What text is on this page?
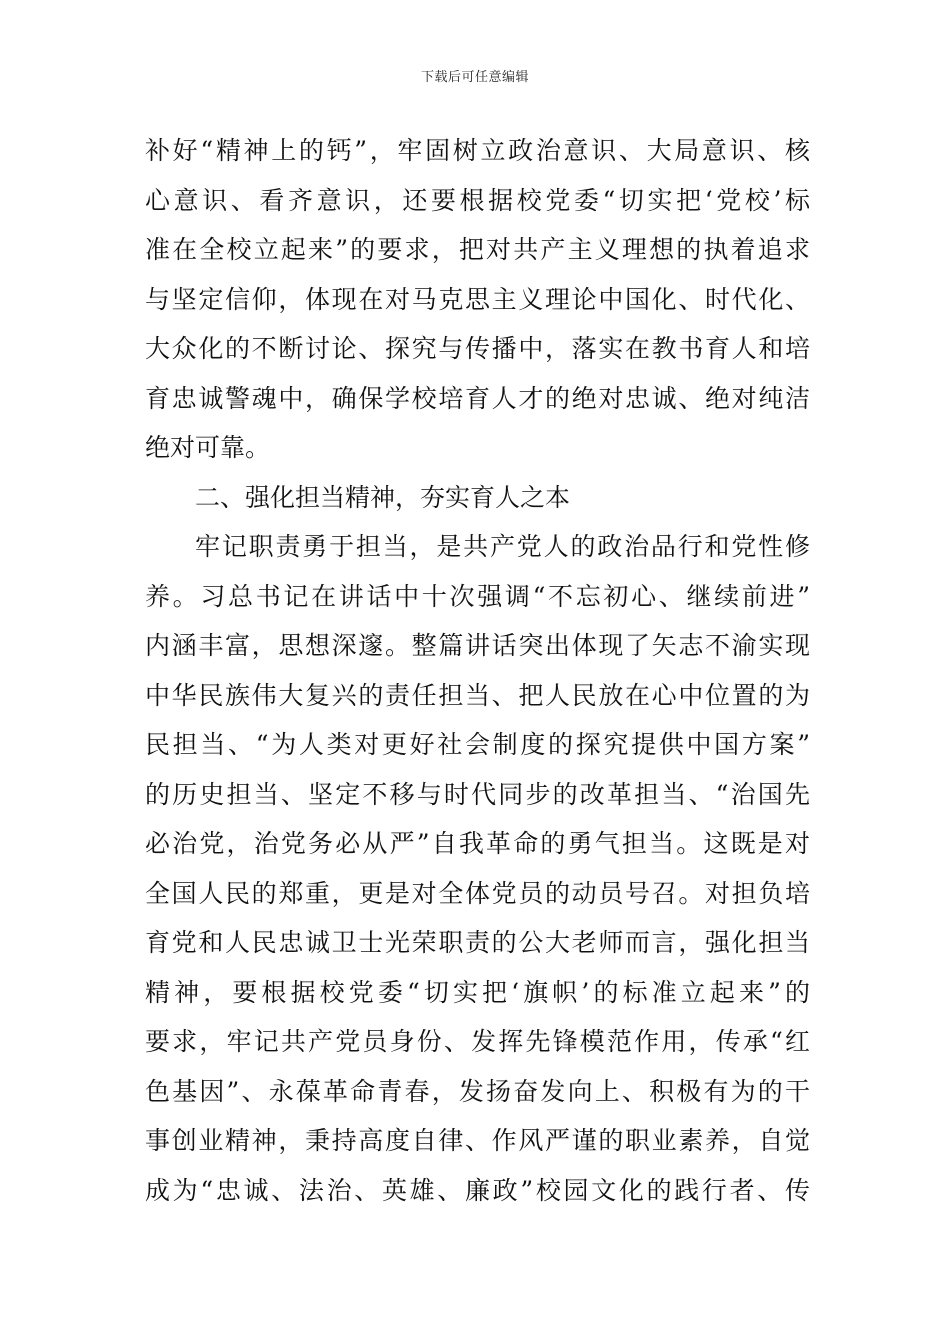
下载后可任意编辑
补好“精神上的钙”，牢固树立政治意识、大局意识、核
心意识、看齐意识，还要根据校党委“切实把‘党校’标
准在全校立起来”的要求，把对共产主义理想的执着追求
与坚定信仰，体现在对马克思主义理论中国化、时代化、
大众化的不断讨论、探究与传播中，落实在教书育人和培
育忠诚警魂中，确保学校培育人才的绝对忠诚、绝对纯洁
绝对可靠。
二、强化担当精神，夯实育人之本
牢记职责勇于担当，是共产党人的政治品行和党性修
养。习总书记在讲话中十次强调“不忘初心、继续前进”
内涵丰富，思想深邃。整篇讲话突出体现了矢志不渝实现
中华民族伟大复兴的责任担当、把人民放在心中位置的为
民担当、“为人类对更好社会制度的探究提供中国方案”
的历史担当、坚定不移与时代同步的改革担当、“治国先
必治党，治党务必从严”自我革命的勇气担当。这既是对
全国人民的郑重，更是对全体党员的动员号召。对担负培
育党和人民忠诚卫士光荣职责的公大老师而言，强化担当
精神，要根据校党委“切实把‘旗帜’的标准立起来”的
要求，牢记共产党员身份、发挥先锋模范作用，传承“红
色基因”、永葆革命青春，发扬奋发向上、积极有为的干
事创业精神，秉持高度自律、作风严谨的职业素养，自觉
成为“忠诚、法治、英雄、廉政”校园文化的践行者、传
